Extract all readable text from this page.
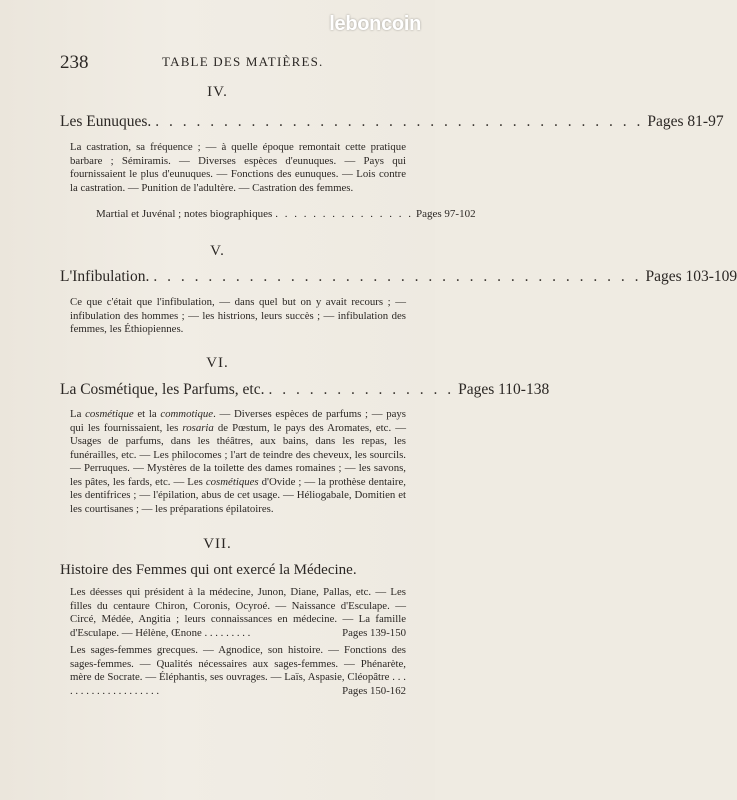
leboncoin
238	TABLE DES MATIÈRES.
IV.
Les Eunuques. . . . . . . . . . . . . . . . . . . . . . . . . . . . . . . . . . . . . Pages 81-97
La castration, sa fréquence ; — à quelle époque remontait cette pratique barbare ; Sémiramis. — Diverses espèces d'eunuques. — Pays qui fournissaient le plus d'eunuques. — Fonctions des eunuques. — Lois contre la castration. — Punition de l'adultère. — Castration des femmes.
Martial et Juvénal ; notes biographiques . . . . . . . . . . . . . . . Pages 97-102
V.
L'Infibulation. . . . . . . . . . . . . . . . . . . . . . . . . . . . . . . . . . . . . Pages 103-109
Ce que c'était que l'infibulation, — dans quel but on y avait recours ; — infibulation des hommes ; — les histrions, leurs succès ; — infibulation des femmes, les Éthiopiennes.
VI.
La Cosmétique, les Parfums, etc. . . . . . . . . . . . . . . Pages 110-138
La cosmétique et la commotique. — Diverses espèces de parfums ; — pays qui les fournissaient, les rosaria de Pœstum, le pays des Aromates, etc. — Usages de parfums, dans les théâtres, aux bains, dans les repas, les funérailles, etc. — Les philocomes ; l'art de teindre des cheveux, les sourcils. — Perruques. — Mystères de la toilette des dames romaines ; — les savons, les pâtes, les fards, etc. — Les cosmétiques d'Ovide ; — la prothèse dentaire, les dentifrices ; — l'épilation, abus de cet usage. — Héliogabale, Domitien et les courtisanes ; — les préparations épilatoires.
VII.
Histoire des Femmes qui ont exercé la Médecine.
Les déesses qui président à la médecine, Junon, Diane, Pallas, etc. — Les filles du centaure Chiron, Coronis, Ocyroé. — Naissance d'Esculape. — Circé, Médée, Angitia ; leurs connaissances en médecine. — La famille d'Esculape. — Hélène, Œnone . . . . . . . . .	Pages 139-150
Les sages-femmes grecques. — Agnodice, son histoire. — Fonctions des sages-femmes. — Qualités nécessaires aux sages-femmes. — Phénarète, mère de Socrate. — Éléphantis, ses ouvrages. — Laïs, Aspasie, Cléopâtre . . . . . . . . . . . . . . . . . . . .	Pages 150-162
